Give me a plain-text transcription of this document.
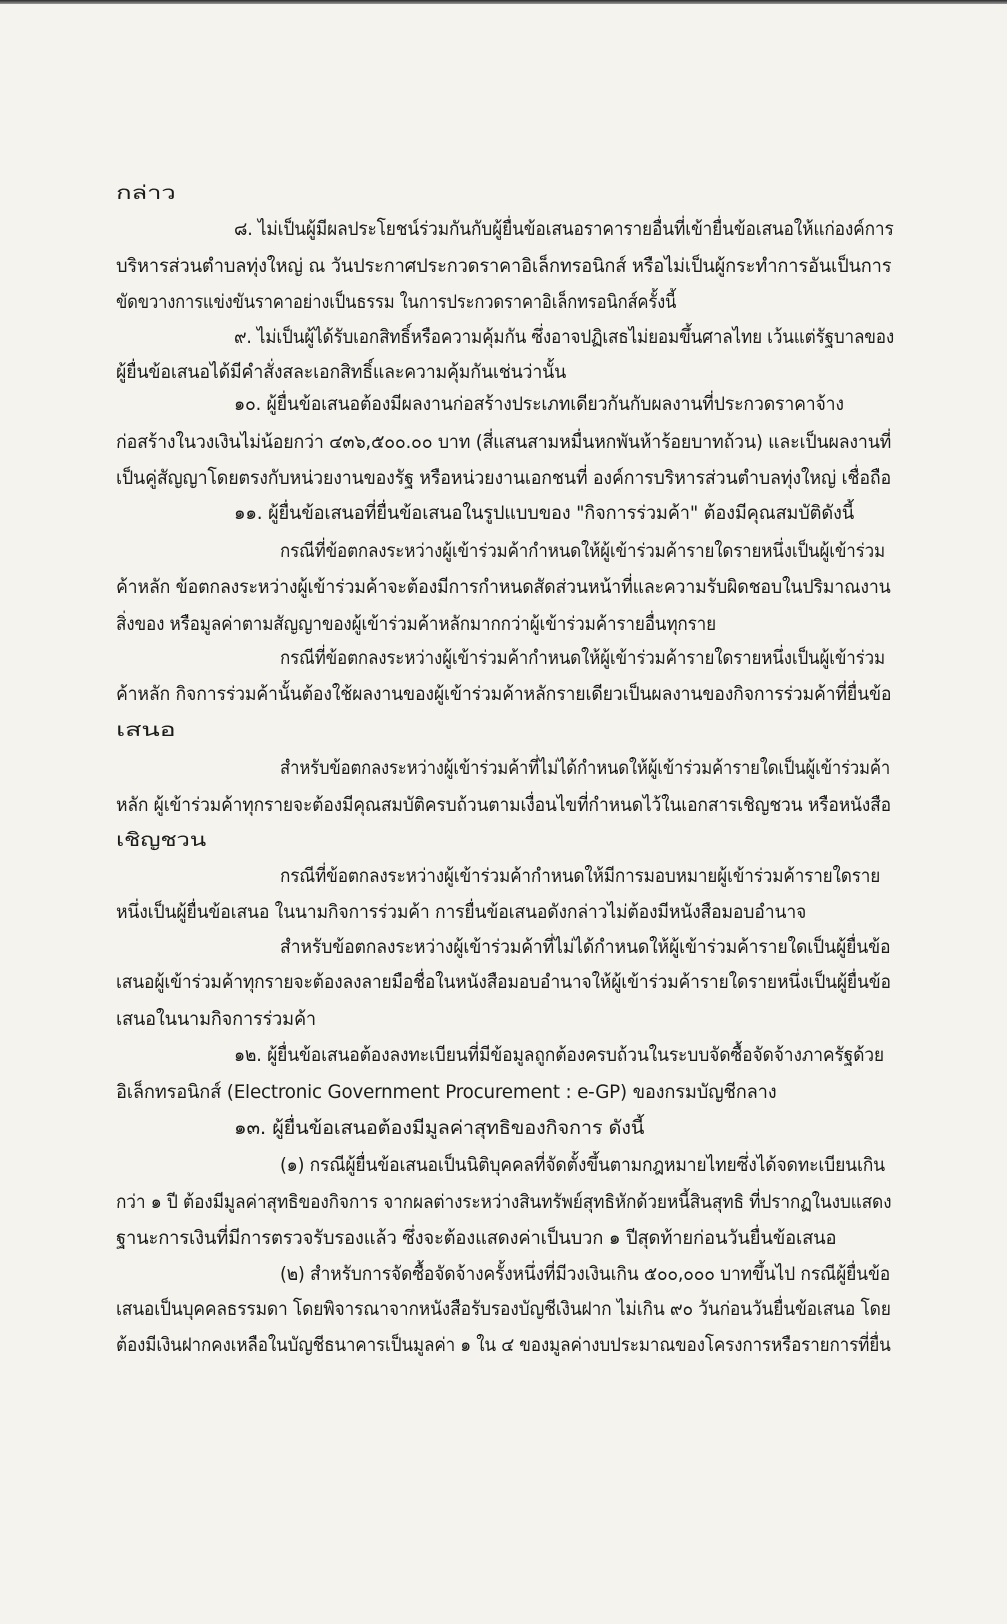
กล่าว
๘. ไม่เป็นผู้มีผลประโยชน์ร่วมกันกับผู้ยื่นข้อเสนอราคารายอื่นที่เข้ายื่นข้อเสนอให้แก่องค์การ
บริหารส่วนตำบลทุ่งใหญ่ ณ วันประกาศประกวดราคาอิเล็กทรอนิกส์ หรือไม่เป็นผู้กระทำการอันเป็นการ
ขัดขวางการแข่งขันราคาอย่างเป็นธรรม ในการประกวดราคาอิเล็กทรอนิกส์ครั้งนี้
๙. ไม่เป็นผู้ได้รับเอกสิทธิ์หรือความคุ้มกัน ซึ่งอาจปฏิเสธไม่ยอมขึ้นศาลไทย เว้นแต่รัฐบาลของ
ผู้ยื่นข้อเสนอได้มีคำสั่งสละเอกสิทธิ์และความคุ้มกันเช่นว่านั้น
๑๐. ผู้ยื่นข้อเสนอต้องมีผลงานก่อสร้างประเภทเดียวกันกับผลงานที่ประกวดราคาจ้าง
ก่อสร้างในวงเงินไม่น้อยกว่า ๔๓๖,๕๐๐.๐๐ บาท (สี่แสนสามหมื่นหกพันห้าร้อยบาทถ้วน) และเป็นผลงานที่
เป็นคู่สัญญาโดยตรงกับหน่วยงานของรัฐ หรือหน่วยงานเอกชนที่ องค์การบริหารส่วนตำบลทุ่งใหญ่ เชื่อถือ
๑๑. ผู้ยื่นข้อเสนอที่ยื่นข้อเสนอในรูปแบบของ "กิจการร่วมค้า" ต้องมีคุณสมบัติดังนี้
กรณีที่ข้อตกลงระหว่างผู้เข้าร่วมค้ากำหนดให้ผู้เข้าร่วมค้ารายใดรายหนึ่งเป็นผู้เข้าร่วม
ค้าหลัก ข้อตกลงระหว่างผู้เข้าร่วมค้าจะต้องมีการกำหนดสัดส่วนหน้าที่และความรับผิดชอบในปริมาณงาน
สิ่งของ หรือมูลค่าตามสัญญาของผู้เข้าร่วมค้าหลักมากกว่าผู้เข้าร่วมค้ารายอื่นทุกราย
กรณีที่ข้อตกลงระหว่างผู้เข้าร่วมค้ากำหนดให้ผู้เข้าร่วมค้ารายใดรายหนึ่งเป็นผู้เข้าร่วม
ค้าหลัก กิจการร่วมค้านั้นต้องใช้ผลงานของผู้เข้าร่วมค้าหลักรายเดียวเป็นผลงานของกิจการร่วมค้าที่ยื่นข้อ
เสนอ
สำหรับข้อตกลงระหว่างผู้เข้าร่วมค้าที่ไม่ได้กำหนดให้ผู้เข้าร่วมค้ารายใดเป็นผู้เข้าร่วมค้า
หลัก ผู้เข้าร่วมค้าทุกรายจะต้องมีคุณสมบัติครบถ้วนตามเงื่อนไขที่กำหนดไว้ในเอกสารเชิญชวน หรือหนังสือ
เชิญชวน
กรณีที่ข้อตกลงระหว่างผู้เข้าร่วมค้ากำหนดให้มีการมอบหมายผู้เข้าร่วมค้ารายใดราย
หนึ่งเป็นผู้ยื่นข้อเสนอ ในนามกิจการร่วมค้า การยื่นข้อเสนอดังกล่าวไม่ต้องมีหนังสือมอบอำนาจ
สำหรับข้อตกลงระหว่างผู้เข้าร่วมค้าที่ไม่ได้กำหนดให้ผู้เข้าร่วมค้ารายใดเป็นผู้ยื่นข้อ
เสนอผู้เข้าร่วมค้าทุกรายจะต้องลงลายมือชื่อในหนังสือมอบอำนาจให้ผู้เข้าร่วมค้ารายใดรายหนึ่งเป็นผู้ยื่นข้อ
เสนอในนามกิจการร่วมค้า
๑๒. ผู้ยื่นข้อเสนอต้องลงทะเบียนที่มีข้อมูลถูกต้องครบถ้วนในระบบจัดซื้อจัดจ้างภาครัฐด้วย
อิเล็กทรอนิกส์ (Electronic Government Procurement : e-GP) ของกรมบัญชีกลาง
๑๓. ผู้ยื่นข้อเสนอต้องมีมูลค่าสุทธิของกิจการ ดังนี้
(๑) กรณีผู้ยื่นข้อเสนอเป็นนิติบุคคลที่จัดตั้งขึ้นตามกฎหมายไทยซึ่งได้จดทะเบียนเกิน
กว่า ๑ ปี ต้องมีมูลค่าสุทธิของกิจการ จากผลต่างระหว่างสินทรัพย์สุทธิหักด้วยหนี้สินสุทธิ ที่ปรากฏในงบแสดง
ฐานะการเงินที่มีการตรวจรับรองแล้ว ซึ่งจะต้องแสดงค่าเป็นบวก ๑ ปีสุดท้ายก่อนวันยื่นข้อเสนอ
(๒) สำหรับการจัดซื้อจัดจ้างครั้งหนึ่งที่มีวงเงินเกิน ๕๐๐,๐๐๐ บาทขึ้นไป กรณีผู้ยื่นข้อ
เสนอเป็นบุคคลธรรมดา โดยพิจารณาจากหนังสือรับรองบัญชีเงินฝาก ไม่เกิน ๙๐ วันก่อนวันยื่นข้อเสนอ โดย
ต้องมีเงินฝากคงเหลือในบัญชีธนาคารเป็นมูลค่า ๑ ใน ๔ ของมูลค่างบประมาณของโครงการหรือรายการที่ยื่น
